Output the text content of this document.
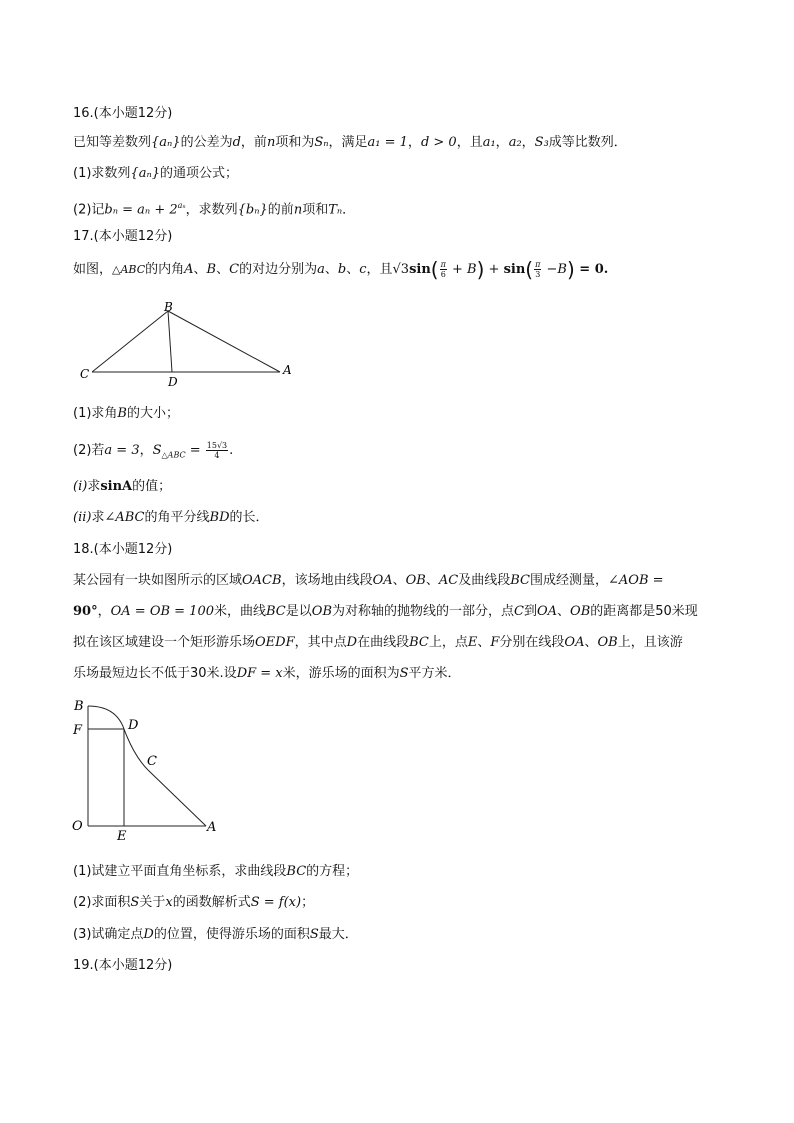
16.(本小题12分)
已知等差数列{aₙ}的公差为d，前n项和为Sₙ，满足a₁ = 1，d > 0，且a₁，a₂，S₃成等比数列．
(1)求数列{aₙ}的通项公式；
(2)记$b_n = a_n + 2^{a_n}$，求数列{bₙ}的前n项和Tₙ．
17.(本小题12分)
如图，△ABC的内角A、B、C的对边分别为a、b、c，且$√3\sin( \frac{\pi}{6} + B) + \sin( \frac{\pi}{3} -B) = 0$.
B
C
D
A
(1)求角B的大小；
(2)若a = 3，$S_{\triangle ABC} = \frac{15√3}{4}$ .
(i)求sinA的值；
(ii)求∠ABC的角平分线BD的长．
18.(本小题12分)
某公园有一块如图所示的区域OACB，该场地由线段OA、OB、AC及曲线段BC围成经测量，∠AOB =
90°，OA = OB = 100米，曲线BC是以OB为对称轴的抛物线的一部分，点C到OA、OB的距离都是50米现
拟在该区域建设一个矩形游乐场OEDF，其中点D在曲线段BC上，点E、F分别在线段OA、OB上，且该游
乐场最短边长不低于30米.设DF = x米，游乐场的面积为S平方米．
B
D
F
C
O
E
A
(1)试建立平面直角坐标系，求曲线段BC的方程；
(2)求面积S关于x的函数解析式S = f(x)；
(3)试确定点D的位置，使得游乐场的面积S最大．
19.(本小题12分)
